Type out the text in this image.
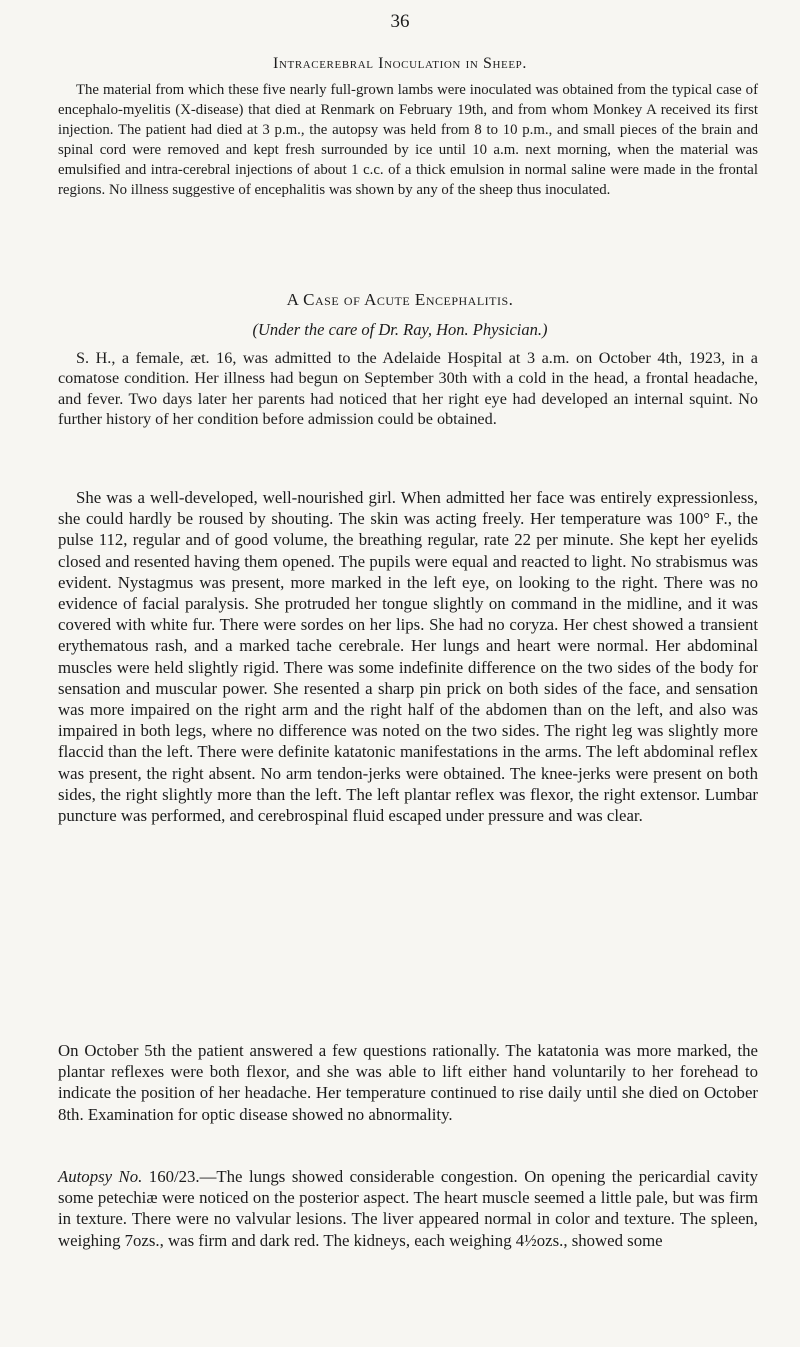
36
Intracerebral Inoculation in Sheep.

The material from which these five nearly full-grown lambs were inoculated was obtained from the typical case of encephalo-myelitis (X-disease) that died at Renmark on February 19th, and from whom Monkey A received its first injection. The patient had died at 3 p.m., the autopsy was held from 8 to 10 p.m., and small pieces of the brain and spinal cord were removed and kept fresh surrounded by ice until 10 a.m. next morning, when the material was emulsified and intra-cerebral injections of about 1 c.c. of a thick emulsion in normal saline were made in the frontal regions. No illness suggestive of encephalitis was shown by any of the sheep thus inoculated.

A Case of Acute Encephalitis.
(Under the care of Dr. Ray, Hon. Physician.)

S. H., a female, æt. 16, was admitted to the Adelaide Hospital at 3 a.m. on October 4th, 1923, in a comatose condition. Her illness had begun on September 30th with a cold in the head, a frontal headache, and fever. Two days later her parents had noticed that her right eye had developed an internal squint. No further history of her condition before admission could be obtained.

She was a well-developed, well-nourished girl. When admitted her face was entirely expressionless, she could hardly be roused by shouting. The skin was acting freely. Her temperature was 100° F., the pulse 112, regular and of good volume, the breathing regular, rate 22 per minute. She kept her eyelids closed and resented having them opened. The pupils were equal and reacted to light. No strabismus was evident. Nystagmus was present, more marked in the left eye, on looking to the right. There was no evidence of facial paralysis. She protruded her tongue slightly on command in the midline, and it was covered with white fur. There were sordes on her lips. She had no coryza. Her chest showed a transient erythematous rash, and a marked tache cerebrale. Her lungs and heart were normal. Her abdominal muscles were held slightly rigid. There was some indefinite difference on the two sides of the body for sensation and muscular power. She resented a sharp pin prick on both sides of the face, and sensation was more impaired on the right arm and the right half of the abdomen than on the left, and also was impaired in both legs, where no difference was noted on the two sides. The right leg was slightly more flaccid than the left. There were definite katatonic manifestations in the arms. The left abdominal reflex was present, the right absent. No arm tendon-jerks were obtained. The knee-jerks were present on both sides, the right slightly more than the left. The left plantar reflex was flexor, the right extensor. Lumbar puncture was performed, and cerebrospinal fluid escaped under pressure and was clear.

On October 5th the patient answered a few questions rationally. The katatonia was more marked, the plantar reflexes were both flexor, and she was able to lift either hand voluntarily to her forehead to indicate the position of her headache. Her temperature continued to rise daily until she died on October 8th. Examination for optic disease showed no abnormality.

Autopsy No. 160/23.—The lungs showed considerable congestion. On opening the pericardial cavity some petechiæ were noticed on the posterior aspect. The heart muscle seemed a little pale, but was firm in texture. There were no valvular lesions. The liver appeared normal in color and texture. The spleen, weighing 7ozs., was firm and dark red. The kidneys, each weighing 4½ozs., showed some
